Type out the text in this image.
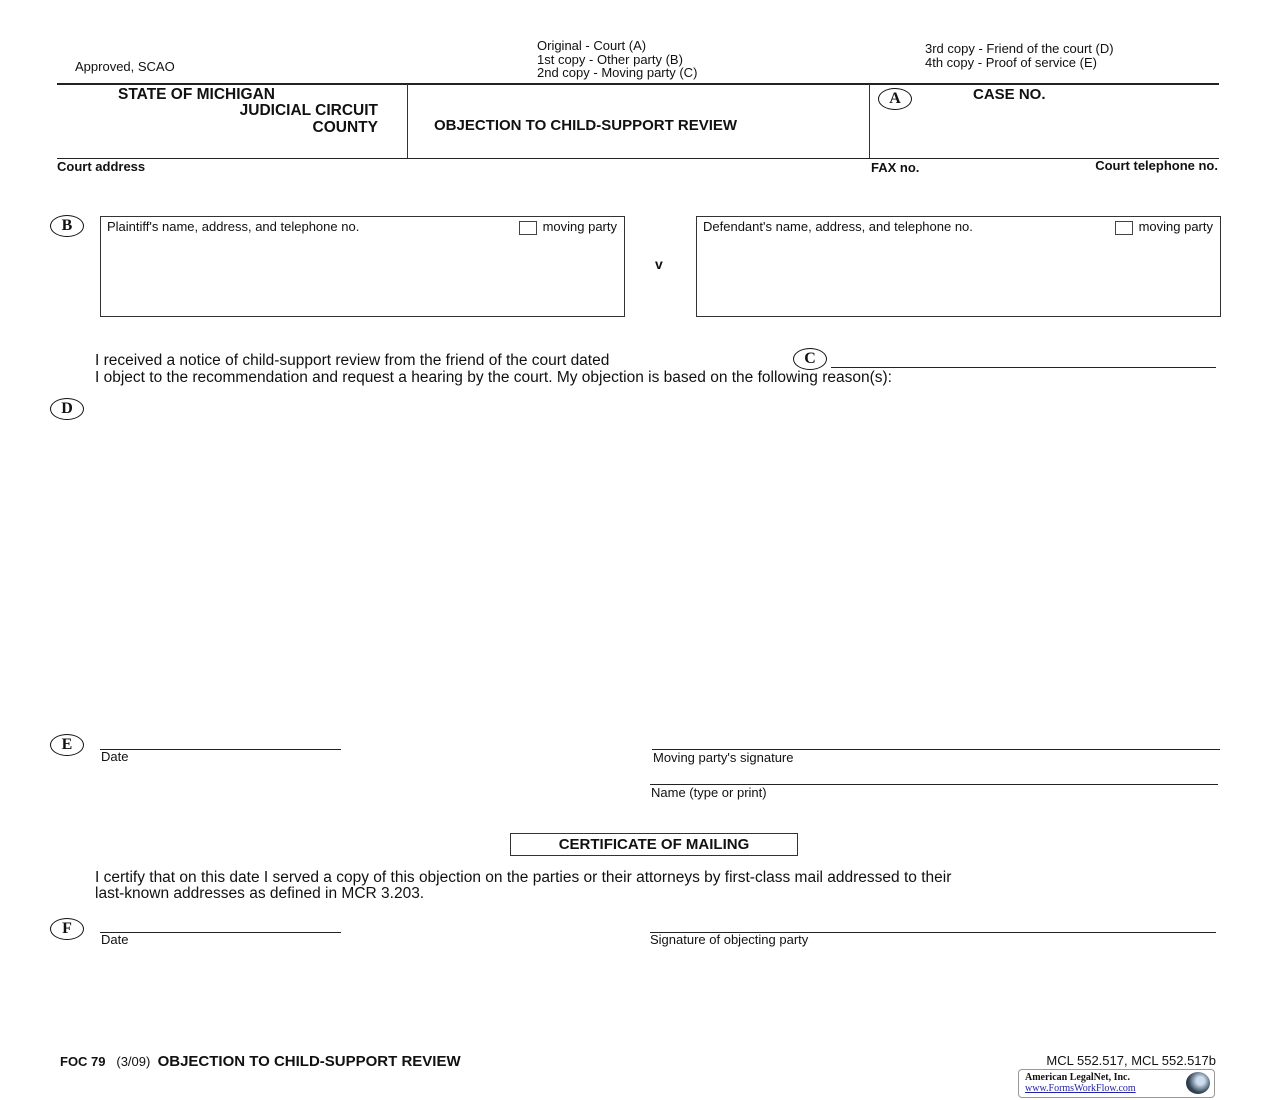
Approved, SCAO
Original - Court (A)
1st copy - Other party (B)
2nd copy - Moving party (C)
3rd copy - Friend of the court (D)
4th copy - Proof of service (E)
STATE OF MICHIGAN
JUDICIAL CIRCUIT
COUNTY	OBJECTION TO CHILD-SUPPORT REVIEW
A	CASE NO.
Court address	FAX no.	Court telephone no.
B	Plaintiff's name, address, and telephone no.	moving party
v
Defendant's name, address, and telephone no.	moving party
I received a notice of child-support review from the friend of the court dated	C
I object to the recommendation and request a hearing by the court. My objection is based on the following reason(s):
D
E
Date	Moving party's signature
Name (type or print)
CERTIFICATE OF MAILING
I certify that on this date I served a copy of this objection on the parties or their attorneys by first-class mail addressed to their
last-known addresses as defined in MCR 3.203.
F
Date	Signature of objecting party
FOC 79 (3/09) OBJECTION TO CHILD-SUPPORT REVIEW	MCL 552.517, MCL 552.517b
American LegalNet, Inc.
www.FormsWorkFlow.com
